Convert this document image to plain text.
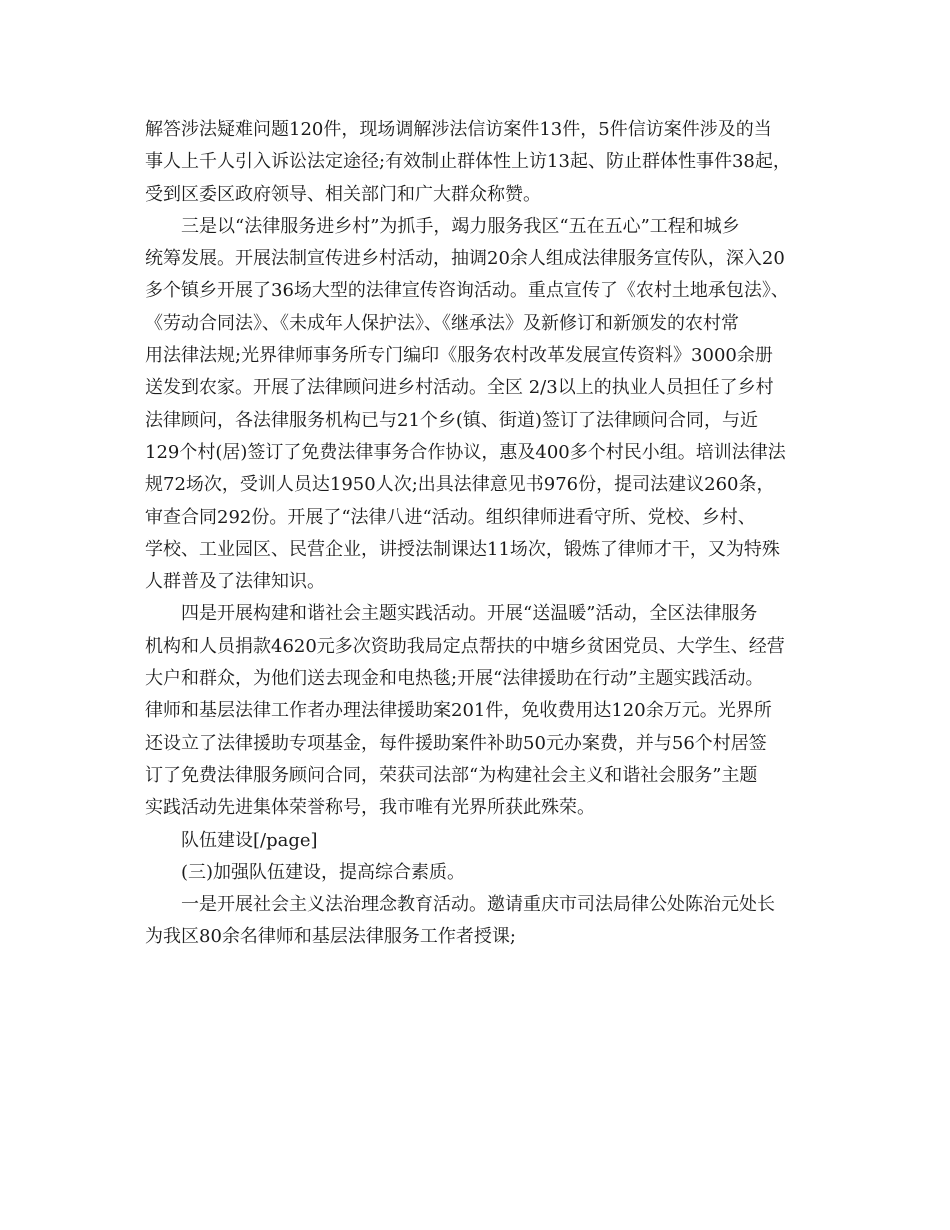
解答涉法疑难问题120件，现场调解涉法信访案件13件，5件信访案件涉及的当
事人上千人引入诉讼法定途径;有效制止群体性上访13起、防止群体性事件38起，
受到区委区政府领导、相关部门和广大群众称赞。
三是以“法律服务进乡村”为抓手，竭力服务我区“五在五心”工程和城乡
统筹发展。开展法制宣传进乡村活动，抽调20余人组成法律服务宣传队，深入20
多个镇乡开展了36场大型的法律宣传咨询活动。重点宣传了《农村土地承包法》、
《劳动合同法》、《未成年人保护法》、《继承法》及新修订和新颁发的农村常
用法律法规;光界律师事务所专门编印《服务农村改革发展宣传资料》3000余册
送发到农家。开展了法律顾问进乡村活动。全区 2/3以上的执业人员担任了乡村
法律顾问，各法律服务机构已与21个乡(镇、街道)签订了法律顾问合同，与近
129个村(居)签订了免费法律事务合作协议，惠及400多个村民小组。培训法律法
规72场次，受训人员达1950人次;出具法律意见书976份，提司法建议260条，
审查合同292份。开展了“法律八进“活动。组织律师进看守所、党校、乡村、
学校、工业园区、民营企业，讲授法制课达11场次，锻炼了律师才干，又为特殊
人群普及了法律知识。
四是开展构建和谐社会主题实践活动。开展“送温暖”活动，全区法律服务
机构和人员捐款4620元多次资助我局定点帮扶的中塘乡贫困党员、大学生、经营
大户和群众，为他们送去现金和电热毯;开展“法律援助在行动”主题实践活动。
律师和基层法律工作者办理法律援助案201件，免收费用达120余万元。光界所
还设立了法律援助专项基金，每件援助案件补助50元办案费，并与56个村居签
订了免费法律服务顾问合同，荣获司法部“为构建社会主义和谐社会服务”主题
实践活动先进集体荣誉称号，我市唯有光界所获此殊荣。
队伍建设[/page]
(三)加强队伍建设，提高综合素质。
一是开展社会主义法治理念教育活动。邀请重庆市司法局律公处陈治元处长
为我区80余名律师和基层法律服务工作者授课;
